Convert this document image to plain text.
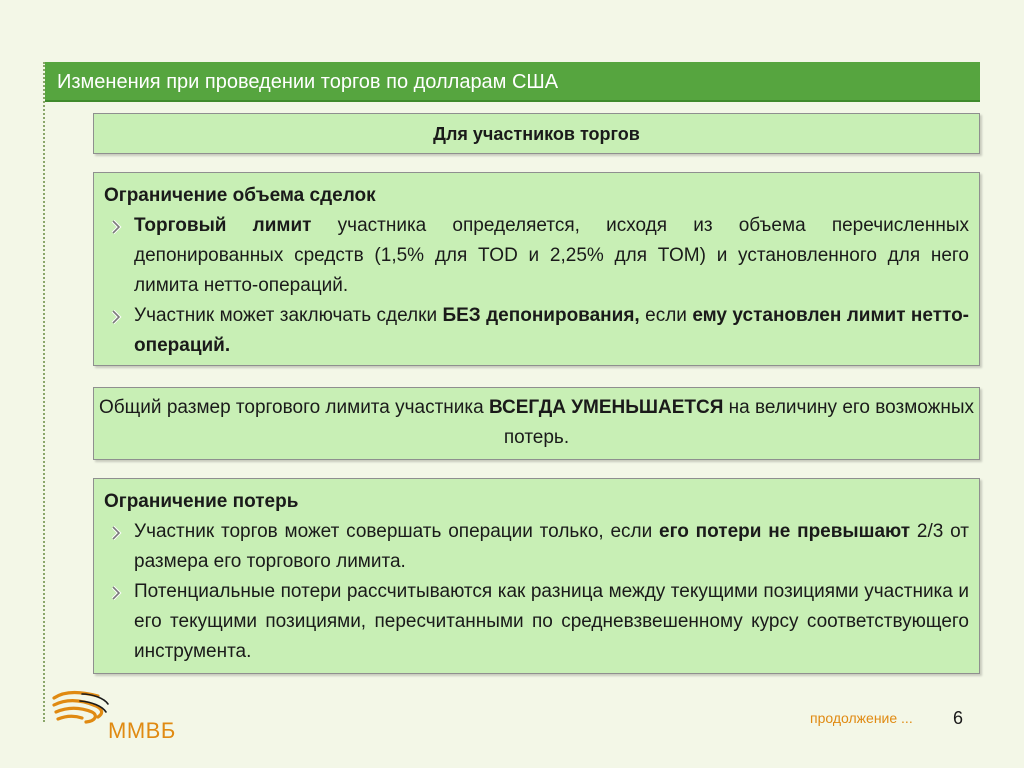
Изменения при проведении торгов по долларам США
Для участников торгов
Ограничение объема сделок
Торговый лимит участника определяется, исходя из объема перечисленных депонированных средств (1,5% для TOD и 2,25% для TOM) и установленного для него лимита нетто-операций.
Участник может заключать сделки БЕЗ депонирования, если ему установлен лимит нетто-операций.
Общий размер торгового лимита участника ВСЕГДА УМЕНЬШАЕТСЯ на величину его возможных потерь.
Ограничение потерь
Участник торгов может совершать операции только, если его потери не превышают 2/3 от размера его торгового лимита.
Потенциальные потери рассчитываются как разница между текущими позициями участника и его текущими позициями, пересчитанными по средневзвешенному курсу соответствующего инструмента.
ММВБ	продолжение ... 6
